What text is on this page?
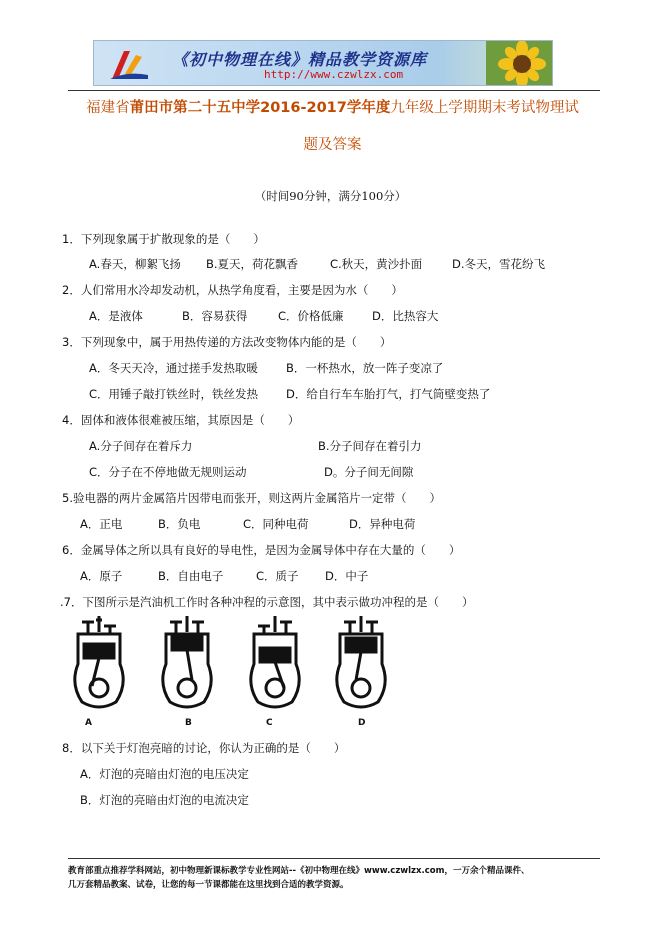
《初中物理在线》精品教学资源库
http://www.czwlzx.com
福建省莆田市第二十五中学2016-2017学年度九年级上学期期末考试物理试
题及答案
（时间90分钟，满分100分）
1．下列现象属于扩散现象的是（　　）
A.春天，柳絮飞扬 B.夏天，荷花飘香	C.秋天，黄沙扑面	D.冬天，雪花纷飞
2．人们常用水冷却发动机，从热学角度看，主要是因为水（　　）
A．是液体	B．容易获得	C．价格低廉 D．比热容大
3．下列现象中，属于用热传递的方法改变物体内能的是（　　）
A．冬天天冷，通过搓手发热取暖 B．一杯热水，放一阵子变凉了
C．用锤子敲打铁丝时，铁丝发热 D．给自行车车胎打气，打气筒壁变热了
4．固体和液体很难被压缩，其原因是（　　）
A.分子间存在着斥力	B.分子间存在着引力
C．分子在不停地做无规则运动	D。分子间无间隙
5.验电器的两片金属箔片因带电而张开，则这两片金属箔片一定带（　　）
A．正电	B．负电	C．同种电荷	D．异种电荷
6．金属导体之所以具有良好的导电性，是因为金属导体中存在大量的（　　）
A．原子	B．自由电子	C．质子 D．中子
.7．下图所示是汽油机工作时各种冲程的示意图，其中表示做功冲程的是（　　）
A	B	C	D
8．以下关于灯泡亮暗的讨论，你认为正确的是（　　）
A．灯泡的亮暗由灯泡的电压决定
B．灯泡的亮暗由灯泡的电流决定
教育部重点推荐学科网站，初中物理新课标教学专业性网站--《初中物理在线》www.czwlzx.com，一万余个精品课件、
几万套精品教案、试卷，让您的每一节课都能在这里找到合适的教学资源。
